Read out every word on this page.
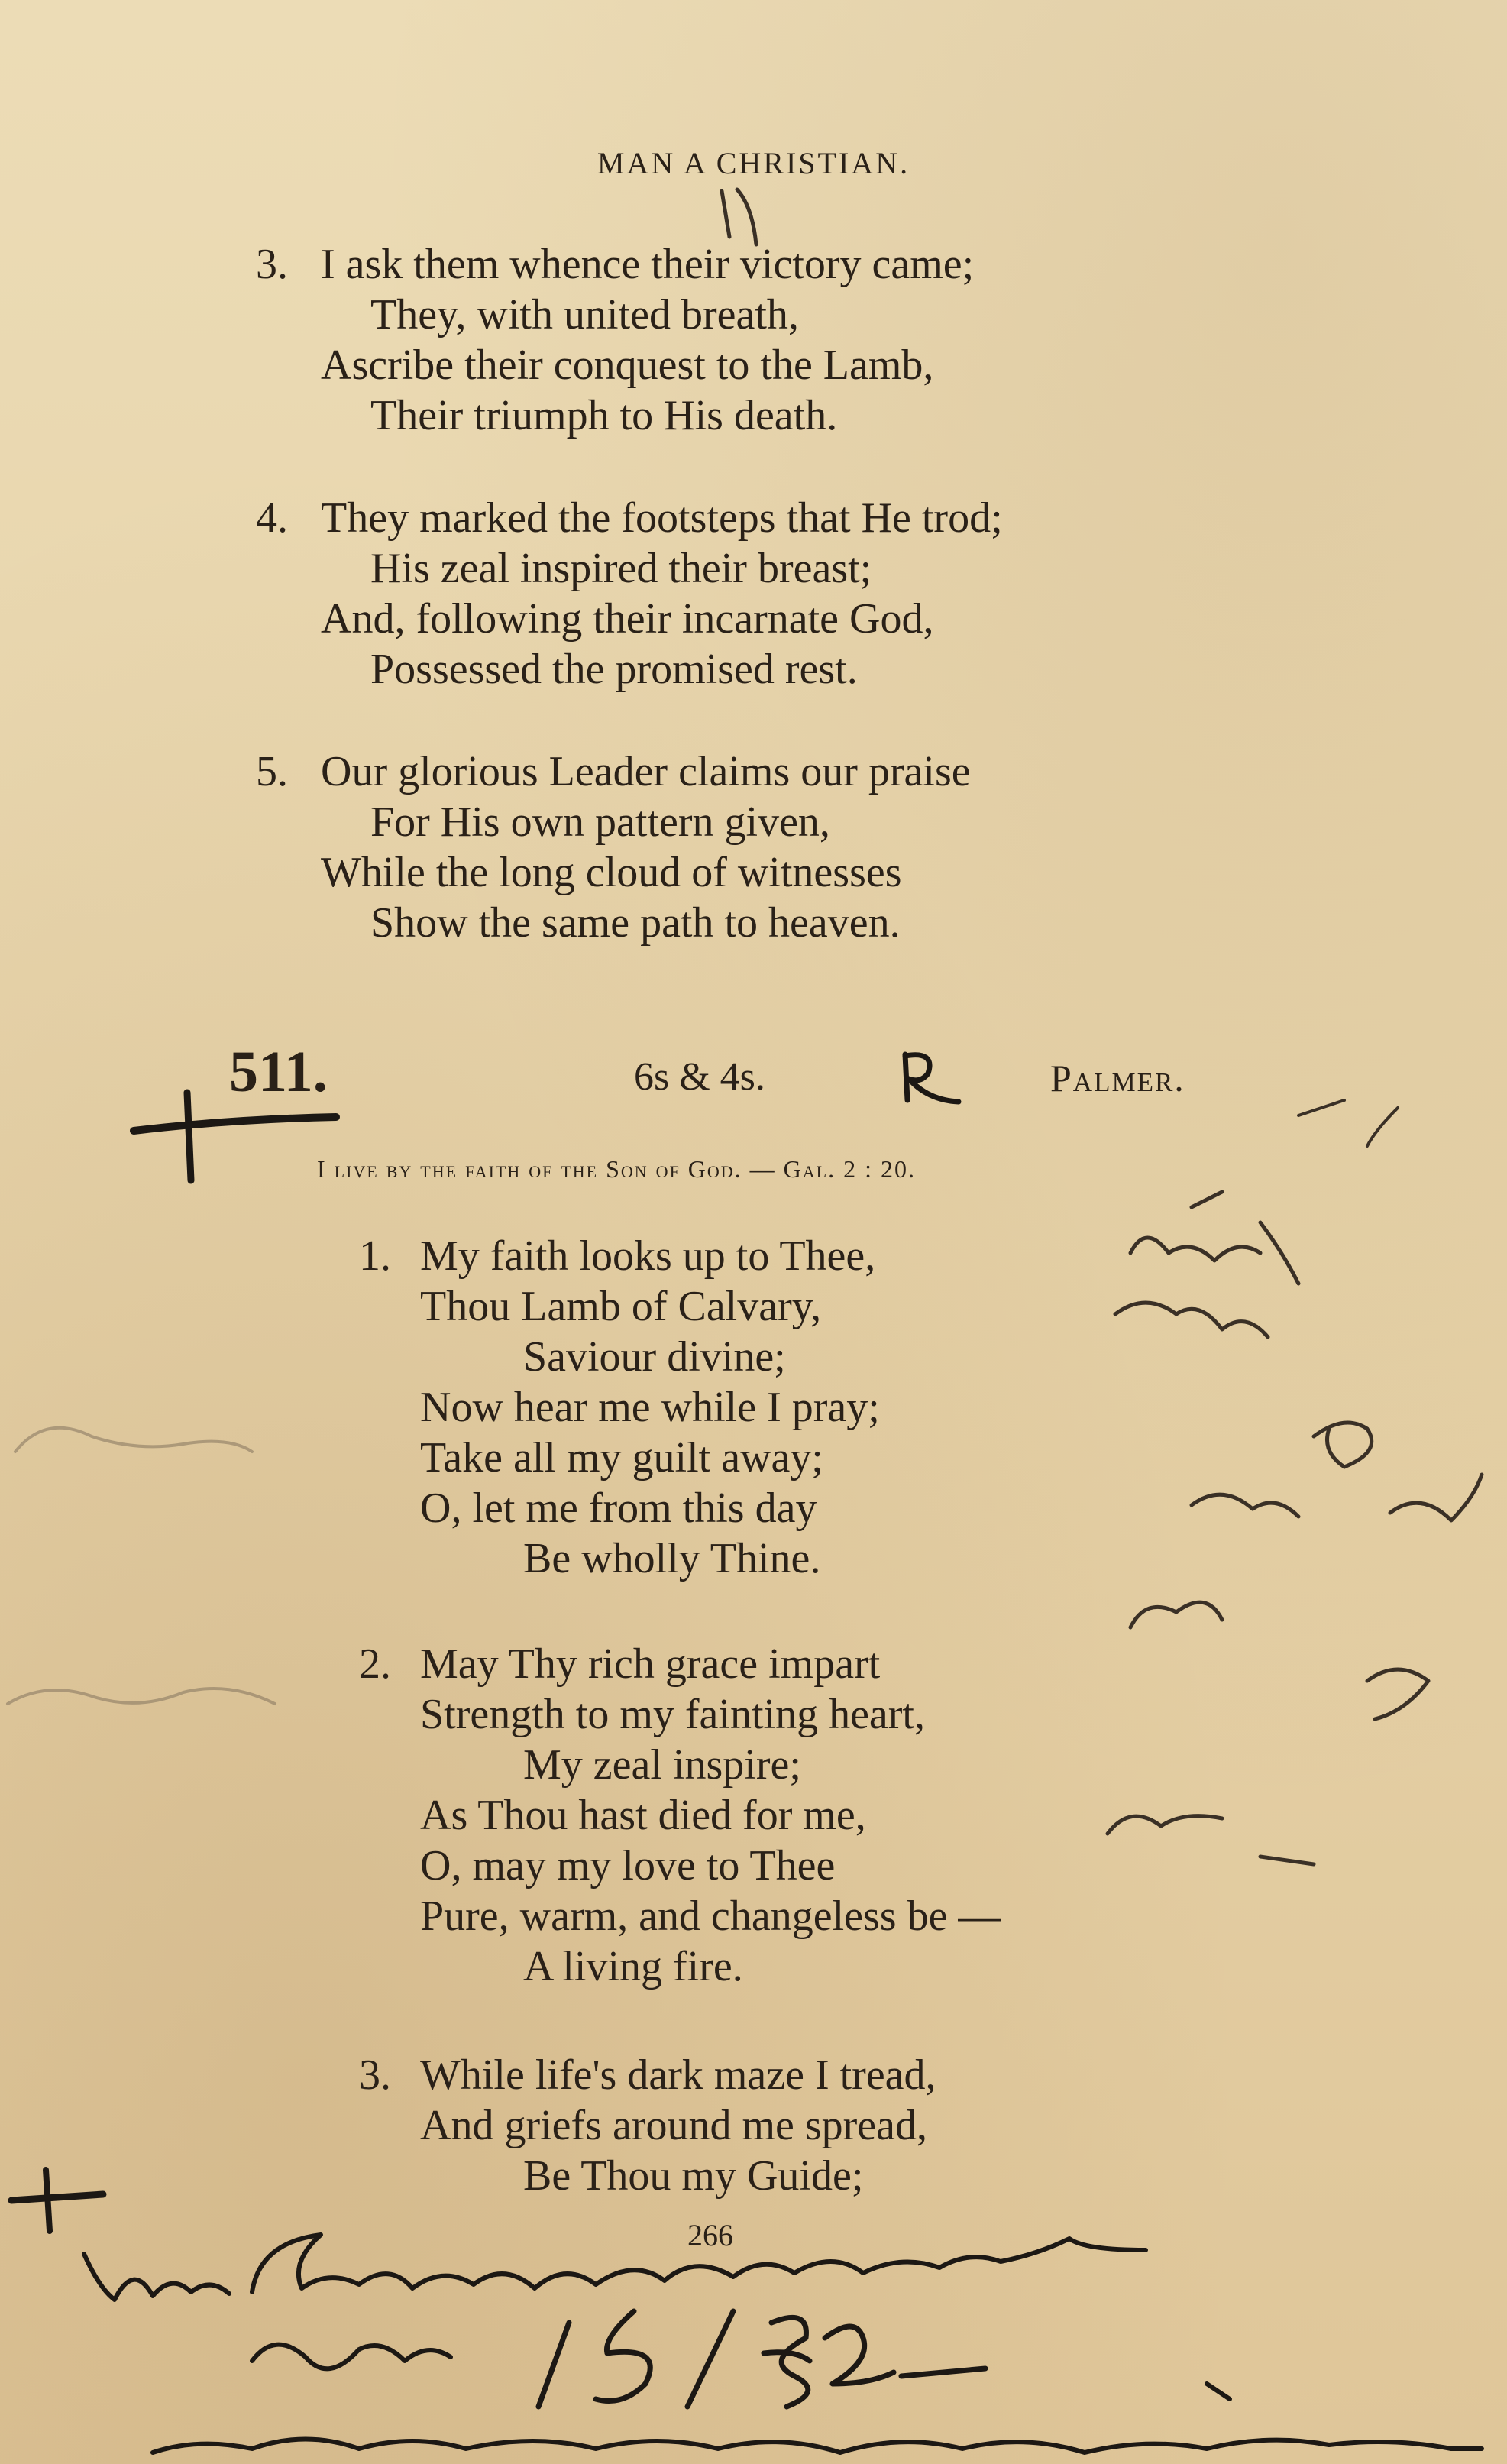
MAN A CHRISTIAN.
3. I ask them whence their victory came;
They, with united breath,
Ascribe their conquest to the Lamb,
Their triumph to His death.
4. They marked the footsteps that He trod;
His zeal inspired their breast;
And, following their incarnate God,
Possessed the promised rest.
5. Our glorious Leader claims our praise
For His own pattern given,
While the long cloud of witnesses
Show the same path to heaven.
511.	6s & 4s.	Palmer.
I live by the faith of the Son of God. — Gal. 2 : 20.
1. My faith looks up to Thee,
Thou Lamb of Calvary,
Saviour divine;
Now hear me while I pray;
Take all my guilt away;
O, let me from this day
Be wholly Thine.
2. May Thy rich grace impart
Strength to my fainting heart,
My zeal inspire;
As Thou hast died for me,
O, may my love to Thee
Pure, warm, and changeless be —
A living fire.
3. While life's dark maze I tread,
And griefs around me spread,
Be Thou my Guide;
266
